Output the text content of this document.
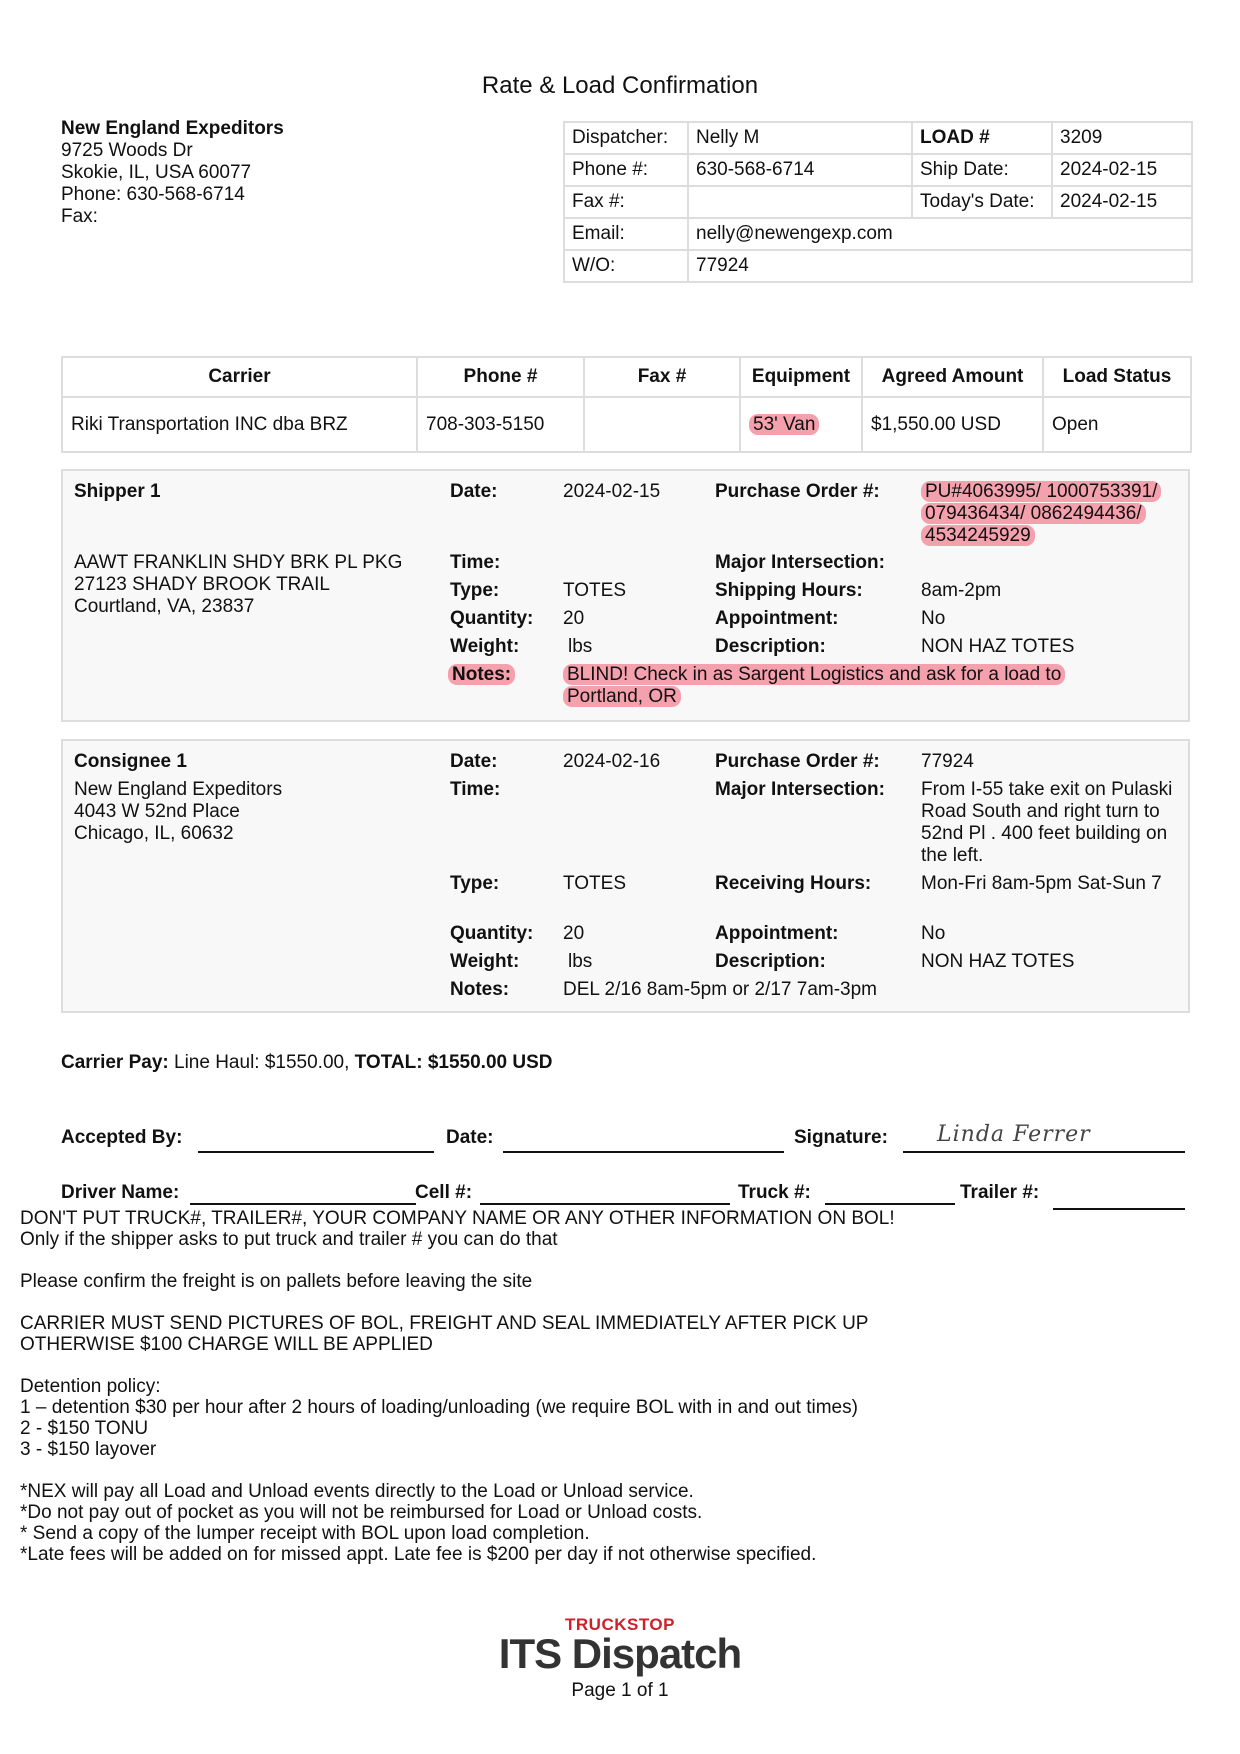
Rate & Load Confirmation
New England Expeditors
9725 Woods Dr
Skokie, IL, USA 60077
Phone: 630-568-6714
Fax:
Dispatcher:	Nelly M	LOAD #	3209
Phone #:	630-568-6714	Ship Date:	2024-02-15
Fax #:		Today's Date:	2024-02-15
Email:	nelly@newengexp.com		
W/O:	77924		
Carrier	Phone #	Fax #	Equipment	Agreed Amount	Load Status
Riki Transportation INC dba BRZ	708-303-5150		53' Van	$1,550.00 USD	Open
Shipper 1
AAWT FRANKLIN SHDY BRK PL PKG
27123 SHADY BROOK TRAIL
Courtland, VA, 23837
Date:	2024-02-15	Purchase Order #: PU#4063995/ 1000753391/
079436434/ 0862494436/
4534245929
Time:	Major Intersection:
Type:	TOTES	Shipping Hours:	8am-2pm
Quantity: 20	Appointment:	No
Weight:	lbs	Description:	NON HAZ TOTES
Notes:	BLIND! Check in as Sargent Logistics and ask for a load to
Portland, OR
Consignee 1
New England Expeditors
4043 W 52nd Place
Chicago, IL, 60632
Date:	2024-02-16	Purchase Order #: 77924
Time:	Major Intersection: From I-55 take exit on Pulaski Road South and right turn to 52nd Pl . 400 feet building on the left.
Type:	TOTES	Receiving Hours:	Mon-Fri 8am-5pm Sat-Sun 7
Quantity: 20	Appointment:	No
Weight:	lbs	Description:	NON HAZ TOTES
Notes:	DEL 2/16 8am-5pm or 2/17 7am-3pm
Carrier Pay: Line Haul: $1550.00, TOTAL: $1550.00 USD
Accepted By:	Date:	Signature: Linda Ferrer
Driver Name:	Cell #:	Truck #:	Trailer #:
DON'T PUT TRUCK#, TRAILER#, YOUR COMPANY NAME OR ANY OTHER INFORMATION ON BOL!
Only if the shipper asks to put truck and trailer # you can do that

Please confirm the freight is on pallets before leaving the site

CARRIER MUST SEND PICTURES OF BOL, FREIGHT AND SEAL IMMEDIATELY AFTER PICK UP
OTHERWISE $100 CHARGE WILL BE APPLIED

Detention policy:
1 – detention $30 per hour after 2 hours of loading/unloading (we require BOL with in and out times)
2 - $150 TONU
3 - $150 layover

*NEX will pay all Load and Unload events directly to the Load or Unload service.
*Do not pay out of pocket as you will not be reimbursed for Load or Unload costs.
* Send a copy of the lumper receipt with BOL upon load completion.
*Late fees will be added on for missed appt. Late fee is $200 per day if not otherwise specified.
TRUCKSTOP
ITS Dispatch
Page 1 of 1
